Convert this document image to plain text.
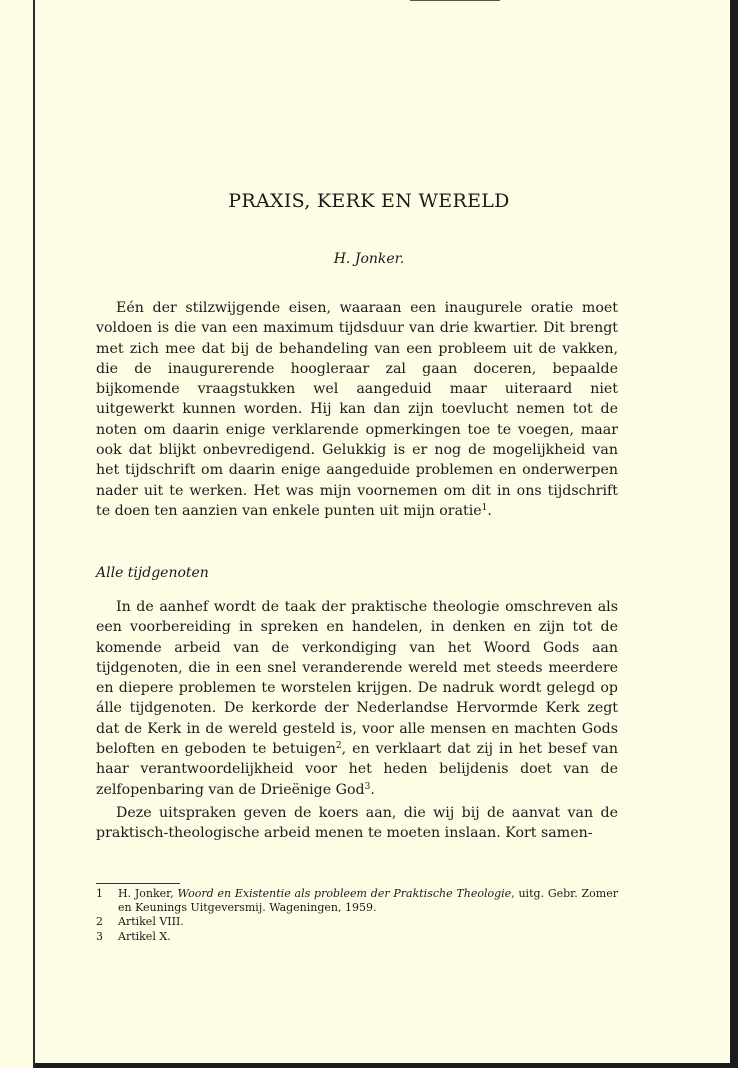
PRAXIS, KERK EN WERELD
H. Jonker.

Eén der stilzwijgende eisen, waaraan een inaugurele oratie moet voldoen is die van een maximum tijdsduur van drie kwartier. Dit brengt met zich mee dat bij de behandeling van een probleem uit de vakken, die de inaugurerende hoogleraar zal gaan doceren, bepaalde bijkomende vraagstukken wel aangeduid maar uiteraard niet uitgewerkt kunnen worden. Hij kan dan zijn toevlucht nemen tot de noten om daarin enige verklarende opmerkingen toe te voegen, maar ook dat blijkt onbevredigend. Gelukkig is er nog de mogelijkheid van het tijdschrift om daarin enige aangeduide problemen en onderwerpen nader uit te werken. Het was mijn voornemen om dit in ons tijdschrift te doen ten aanzien van enkele punten uit mijn oratie$^1$.

Alle tijdgenoten

In de aanhef wordt de taak der praktische theologie omschreven als een voorbereiding in spreken en handelen, in denken en zijn tot de komende arbeid van de verkondiging van het Woord Gods aan tijdgenoten, die in een snel veranderende wereld met steeds meerdere en diepere problemen te worstelen krijgen. De nadruk wordt gelegd op álle tijdgenoten. De kerkorde der Nederlandse Hervormde Kerk zegt dat de Kerk in de wereld gesteld is, voor alle mensen en machten Gods beloften en geboden te betuigen$^2$, en verklaart dat zij in het besef van haar verantwoordelijkheid voor het heden belijdenis doet van de zelfopenbaring van de Drieënige God$^3$.

Deze uitspraken geven de koers aan, die wij bij de aanvat van de praktisch-theologische arbeid menen te moeten inslaan. Kort samen-

1 H. Jonker, Woord en Existentie als probleem der Praktische Theologie, uitg. Gebr. Zomer en Keunings Uitgeversmij. Wageningen, 1959.
2 Artikel VIII.
3 Artikel X.
